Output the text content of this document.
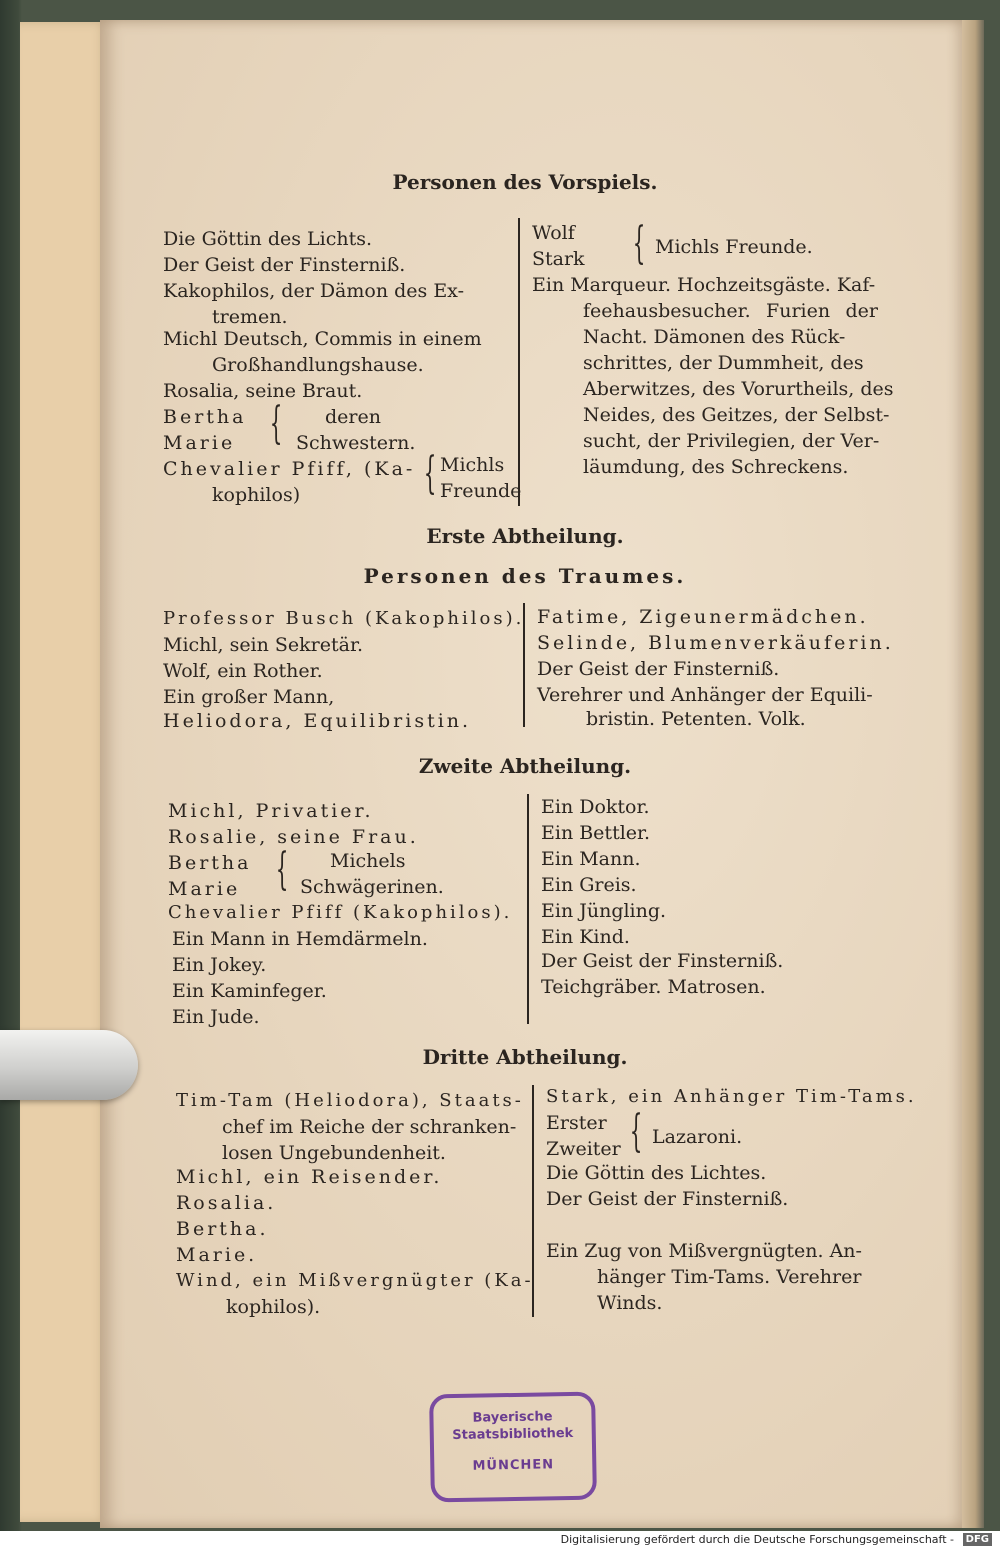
Personen des Vorspiels.
Die Göttin des Lichts.
Der Geist der Finsterniß.
Kakophilos, der Dämon des Ex-
tremen.
Michl Deutsch, Commis in einem
Großhandlungshause.
Rosalia, seine Braut.
Bertha
Marie { deren
Schwestern.
Chevalier Pfiff, (Ka-
kophilos)	{ Michls
Freunde
Wolf
Stark { Michls Freunde.
Ein Marqueur. Hochzeitsgäste. Kaf-
feehausbesucher. Furien der
Nacht. Dämonen des Rück-
schrittes, der Dummheit, des
Aberwitzes, des Vorurtheils, des
Neides, des Geitzes, der Selbst-
sucht, der Privilegien, der Ver-
läumdung, des Schreckens.
Erste Abtheilung.
Personen des Traumes.
Professor Busch (Kakophilos).
Michl, sein Sekretär.
Wolf, ein Rother.
Ein großer Mann,
Heliodora, Equilibristin.
Fatime, Zigeunermädchen.
Selinde, Blumenverkäuferin.
Der Geist der Finsterniß.
Verehrer und Anhänger der Equili-
bristin. Petenten. Volk.
Zweite Abtheilung.
Michl, Privatier.
Rosalie, seine Frau.
Bertha
Marie { Michels
Schwägerinen.
Chevalier Pfiff (Kakophilos).
Ein Mann in Hemdärmeln.
Ein Jokey.
Ein Kaminfeger.
Ein Jude.
Ein Doktor.
Ein Bettler.
Ein Mann.
Ein Greis.
Ein Jüngling.
Ein Kind.
Der Geist der Finsterniß.
Teichgräber. Matrosen.
Dritte Abtheilung.
Tim-Tam (Heliodora), Staats-
chef im Reiche der schranken-
losen Ungebundenheit.
Michl, ein Reisender.
Rosalia.
Bertha.
Marie.
Wind, ein Mißvergnügter (Ka-
kophilos).
Stark, ein Anhänger Tim-Tams.
Erster
Zweiter { Lazaroni.
Die Göttin des Lichtes.
Der Geist der Finsterniß.
Ein Zug von Mißvergnügten. An-
hänger Tim-Tams. Verehrer
Winds.
Bayerische
Staatsbibliothek
MÜNCHEN
Digitalisierung gefördert durch die Deutsche Forschungsgemeinschaft -	DFG
